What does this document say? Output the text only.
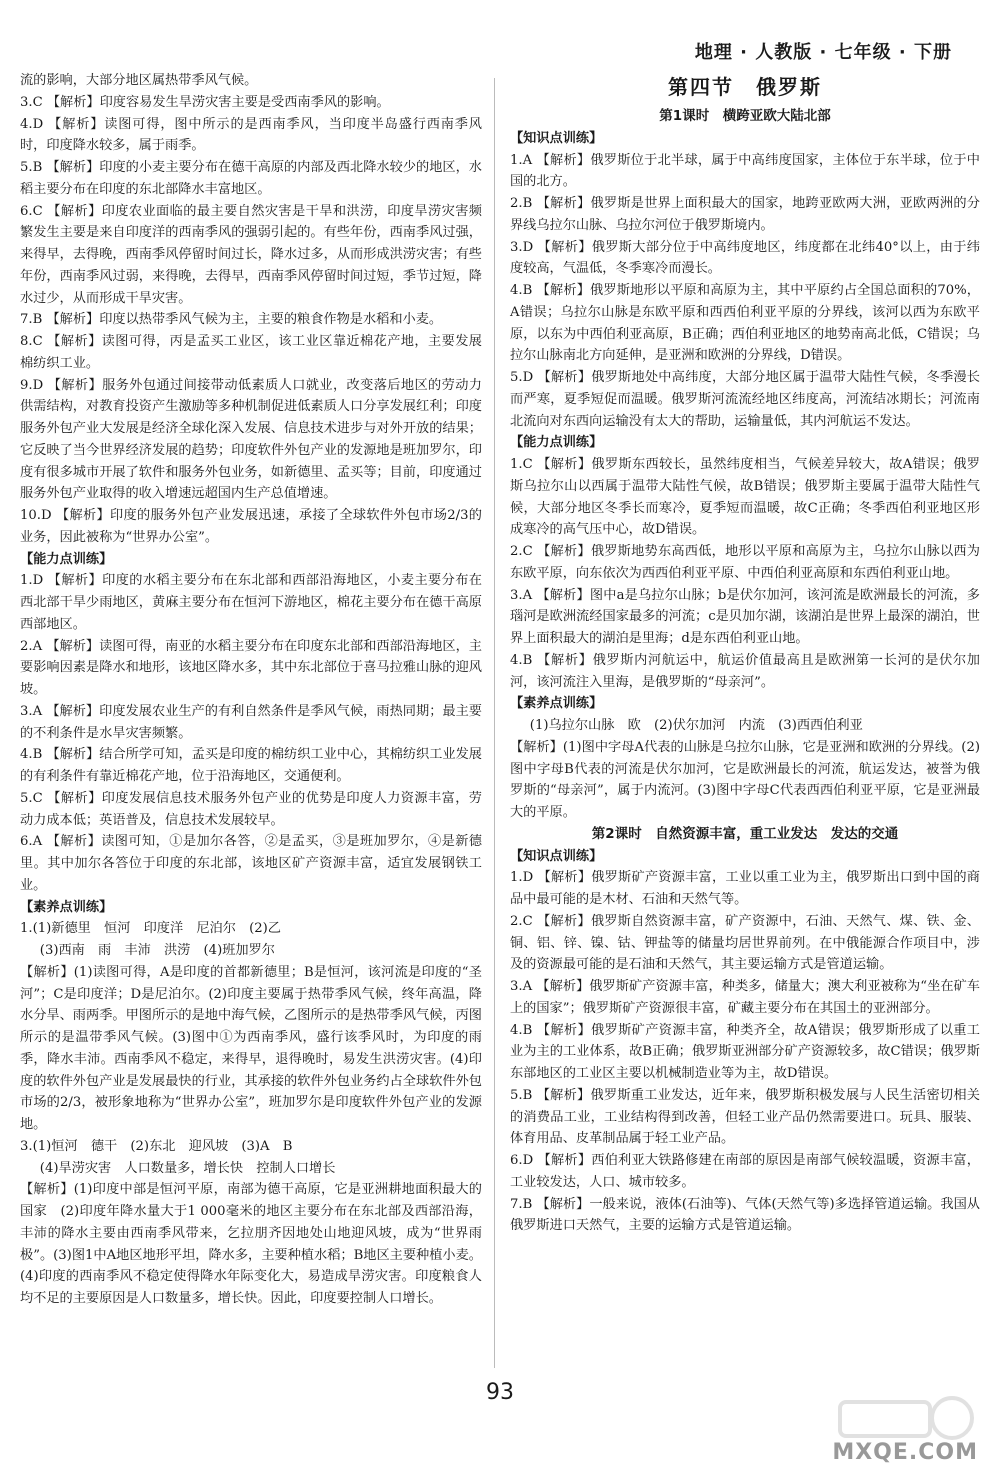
地理 · 人教版 · 七年级 · 下册
流的影响，大部分地区属热带季风气候。
3.C 【解析】印度容易发生旱涝灾害主要是受西南季风的影响。
4.D 【解析】读图可得，图中所示的是西南季风，当印度半岛盛行西南季风时，印度降水较多，属于雨季。
5.B 【解析】印度的小麦主要分布在德干高原的内部及西北降水较少的地区，水稻主要分布在印度的东北部降水丰富地区。
6.C 【解析】印度农业面临的最主要自然灾害是干旱和洪涝，印度旱涝灾害频繁发生主要是来自印度洋的西南季风的强弱引起的。有些年份，西南季风过强，来得早，去得晚，西南季风停留时间过长，降水过多，从而形成洪涝灾害；有些年份，西南季风过弱，来得晚，去得早，西南季风停留时间过短，季节过短，降水过少，从而形成干旱灾害。
7.B 【解析】印度以热带季风气候为主，主要的粮食作物是水稻和小麦。
8.C 【解析】读图可得，丙是孟买工业区，该工业区靠近棉花产地，主要发展棉纺织工业。
9.D 【解析】服务外包通过间接带动低素质人口就业，改变落后地区的劳动力供需结构，对教育投资产生激励等多种机制促进低素质人口分享发展红利；印度服务外包产业大发展是经济全球化深入发展、信息技术进步与对外开放的结果；它反映了当今世界经济发展的趋势；印度软件外包产业的发源地是班加罗尔，印度有很多城市开展了软件和服务外包业务，如新德里、孟买等；目前，印度通过服务外包产业取得的收入增速远超国内生产总值增速。
10.D 【解析】印度的服务外包产业发展迅速，承接了全球软件外包市场2/3的业务，因此被称为“世界办公室”。
【能力点训练】
1.D 【解析】印度的水稻主要分布在东北部和西部沿海地区，小麦主要分布在西北部干旱少雨地区，黄麻主要分布在恒河下游地区，棉花主要分布在德干高原西部地区。
2.A 【解析】读图可得，南亚的水稻主要分布在印度东北部和西部沿海地区，主要影响因素是降水和地形，该地区降水多，其中东北部位于喜马拉雅山脉的迎风坡。
3.A 【解析】印度发展农业生产的有利自然条件是季风气候，雨热同期；最主要的不利条件是水旱灾害频繁。
4.B 【解析】结合所学可知，孟买是印度的棉纺织工业中心，其棉纺织工业发展的有利条件有靠近棉花产地，位于沿海地区，交通便利。
5.C 【解析】印度发展信息技术服务外包产业的优势是印度人力资源丰富，劳动力成本低；英语普及，信息技术发展较早。
6.A 【解析】读图可知，①是加尔各答，②是孟买，③是班加罗尔，④是新德里。其中加尔各答位于印度的东北部，该地区矿产资源丰富，适宜发展钢铁工业。
【素养点训练】
1.(1)新德里　恒河　印度洋　尼泊尔　(2)乙
(3)西南　雨　丰沛　洪涝　(4)班加罗尔
【解析】(1)读图可得，A是印度的首都新德里；B是恒河，该河流是印度的“圣河”；C是印度洋；D是尼泊尔。(2)印度主要属于热带季风气候，终年高温，降水分旱、雨两季。甲图所示的是地中海气候，乙图所示的是热带季风气候，丙图所示的是温带季风气候。(3)图中①为西南季风，盛行该季风时，为印度的雨季，降水丰沛。西南季风不稳定，来得早，退得晚时，易发生洪涝灾害。(4)印度的软件外包产业是发展最快的行业，其承接的软件外包业务约占全球软件外包市场的2/3，被形象地称为“世界办公室”，班加罗尔是印度软件外包产业的发源地。
3.(1)恒河　德干　(2)东北　迎风坡　(3)A　B
(4)旱涝灾害　人口数量多，增长快　控制人口增长
【解析】(1)印度中部是恒河平原，南部为德干高原，它是亚洲耕地面积最大的国家　(2)印度年降水量大于1 000毫米的地区主要分布在东北部及西部沿海，丰沛的降水主要由西南季风带来，乞拉朋齐因地处山地迎风坡，成为“世界雨极”。(3)图1中A地区地形平坦，降水多，主要种植水稻；B地区主要种植小麦。(4)印度的西南季风不稳定使得降水年际变化大，易造成旱涝灾害。印度粮食人均不足的主要原因是人口数量多，增长快。因此，印度要控制人口增长。
第四节　俄罗斯
第1课时　横跨亚欧大陆北部
【知识点训练】
1.A 【解析】俄罗斯位于北半球，属于中高纬度国家，主体位于东半球，位于中国的北方。
2.B 【解析】俄罗斯是世界上面积最大的国家，地跨亚欧两大洲，亚欧两洲的分界线乌拉尔山脉、乌拉尔河位于俄罗斯境内。
3.D 【解析】俄罗斯大部分位于中高纬度地区，纬度都在北纬40°以上，由于纬度较高，气温低，冬季寒冷而漫长。
4.B 【解析】俄罗斯地形以平原和高原为主，其中平原约占全国总面积的70%，A错误；乌拉尔山脉是东欧平原和西西伯利亚平原的分界线，该河以西为东欧平原，以东为中西伯利亚高原，B正确；西伯利亚地区的地势南高北低，C错误；乌拉尔山脉南北方向延伸，是亚洲和欧洲的分界线，D错误。
5.D 【解析】俄罗斯地处中高纬度，大部分地区属于温带大陆性气候，冬季漫长而严寒，夏季短促而温暖。俄罗斯河流流经地区纬度高，河流结冰期长；河流南北流向对东西向运输没有太大的帮助，运输量低，其内河航运不发达。
【能力点训练】
1.C 【解析】俄罗斯东西较长，虽然纬度相当，气候差异较大，故A错误；俄罗斯乌拉尔山以西属于温带大陆性气候，故B错误；俄罗斯主要属于温带大陆性气候，大部分地区冬季长而寒冷，夏季短而温暖，故C正确；冬季西伯利亚地区形成寒冷的高气压中心，故D错误。
2.C 【解析】俄罗斯地势东高西低，地形以平原和高原为主，乌拉尔山脉以西为东欧平原，向东依次为西西伯利亚平原、中西伯利亚高原和东西伯利亚山地。
3.A 【解析】图中a是乌拉尔山脉；b是伏尔加河，该河流是欧洲最长的河流，多瑙河是欧洲流经国家最多的河流；c是贝加尔湖，该湖泊是世界上最深的湖泊，世界上面积最大的湖泊是里海；d是东西伯利亚山地。
4.B 【解析】俄罗斯内河航运中，航运价值最高且是欧洲第一长河的是伏尔加河，该河流注入里海，是俄罗斯的“母亲河”。
【素养点训练】
(1)乌拉尔山脉　欧　(2)伏尔加河　内流　(3)西西伯利亚
【解析】(1)图中字母A代表的山脉是乌拉尔山脉，它是亚洲和欧洲的分界线。(2)图中字母B代表的河流是伏尔加河，它是欧洲最长的河流，航运发达，被誉为俄罗斯的“母亲河”，属于内流河。(3)图中字母C代表西西伯利亚平原，它是亚洲最大的平原。
第2课时　自然资源丰富，重工业发达　发达的交通
【知识点训练】
1.D 【解析】俄罗斯矿产资源丰富，工业以重工业为主，俄罗斯出口到中国的商品中最可能的是木材、石油和天然气等。
2.C 【解析】俄罗斯自然资源丰富，矿产资源中，石油、天然气、煤、铁、金、铜、铝、锌、镍、钴、钾盐等的储量均居世界前列。在中俄能源合作项目中，涉及的资源最可能的是石油和天然气，其主要运输方式是管道运输。
3.A 【解析】俄罗斯矿产资源丰富，种类多，储量大；澳大利亚被称为“坐在矿车上的国家”；俄罗斯矿产资源很丰富，矿藏主要分布在其国土的亚洲部分。
4.B 【解析】俄罗斯矿产资源丰富，种类齐全，故A错误；俄罗斯形成了以重工业为主的工业体系，故B正确；俄罗斯亚洲部分矿产资源较多，故C错误；俄罗斯东部地区的工业区主要以机械制造业等为主，故D错误。
5.B 【解析】俄罗斯重工业发达，近年来，俄罗斯积极发展与人民生活密切相关的消费品工业，工业结构得到改善，但轻工业产品仍然需要进口。玩具、服装、体育用品、皮革制品属于轻工业产品。
6.D 【解析】西伯利亚大铁路修建在南部的原因是南部气候较温暖，资源丰富，工业较发达，人口、城市较多。
7.B 【解析】一般来说，液体(石油等)、气体(天然气等)多选择管道运输。我国从俄罗斯进口天然气，主要的运输方式是管道运输。
93
MXQE.COM
